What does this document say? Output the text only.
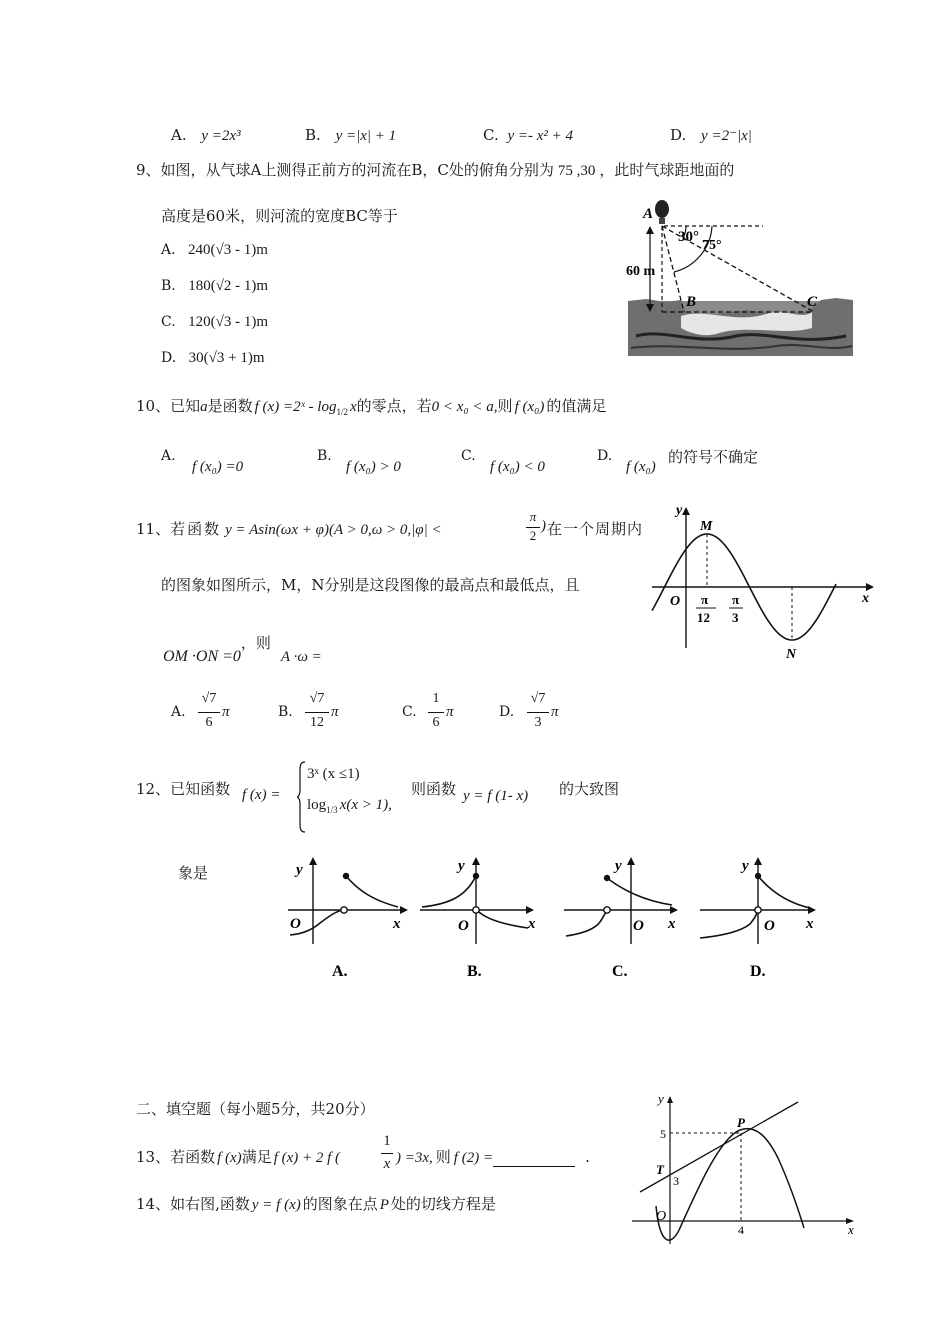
A. y =2x³	B. y =|x| + 1	C. y =- x² + 4	D. y =2⁻|x|
9、如图，从气球A上测得正前方的河流在B，C处的俯角分别为 75 ,30 ，此时气球距地面的
高度是60米，则河流的宽度BC等于
A. 240(√3 - 1)m
B. 180(√2 - 1)m
C. 120(√3 - 1)m
D. 30(√3 + 1)m
A
B	C
60 m
30°
75°
10、已知a是函数 f (x) =2ˣ - $\log_{1/2} x$的零点，若0 < x₀ < a,则 f (x₀) 的值满足
A.
f (x₀) =0
B.
f (x₀) > 0
C.
f (x₀) < 0
D.
f (x₀)
的符号不确定
11、若函数 y = Asin(ωx + φ)(A > 0,ω > 0,|φ| <
π
2
) 在一个周期内
的图象如图所示，M，N分别是这段图像的最高点和最低点，且
OM ·ON =0，则A ·ω =
A.
√7
6
π	B.
√7
12
π	C.
1
6
π	D.
√7
3
π
y
x
O
M
N
π
12
π
3
12、已知函数 f (x) =
3ˣ (x ≤1)
$\log_{1/3} x(x > 1)$,
则函数 y = f (1- x) 的大致图
象是	y
x
O
A.
y
x
O
B.
y
x
O
C.
y
x
O
D.
二、填空题（每小题5分，共20分）
13、若函数 f (x)满足 f (x) + 2 f (
1
x ) =3x, 则 f (2) =	.
14、如右图,函数 y = f (x) 的图象在点 P 处的切线方程是
y
x
O
P
T
5
3
4
